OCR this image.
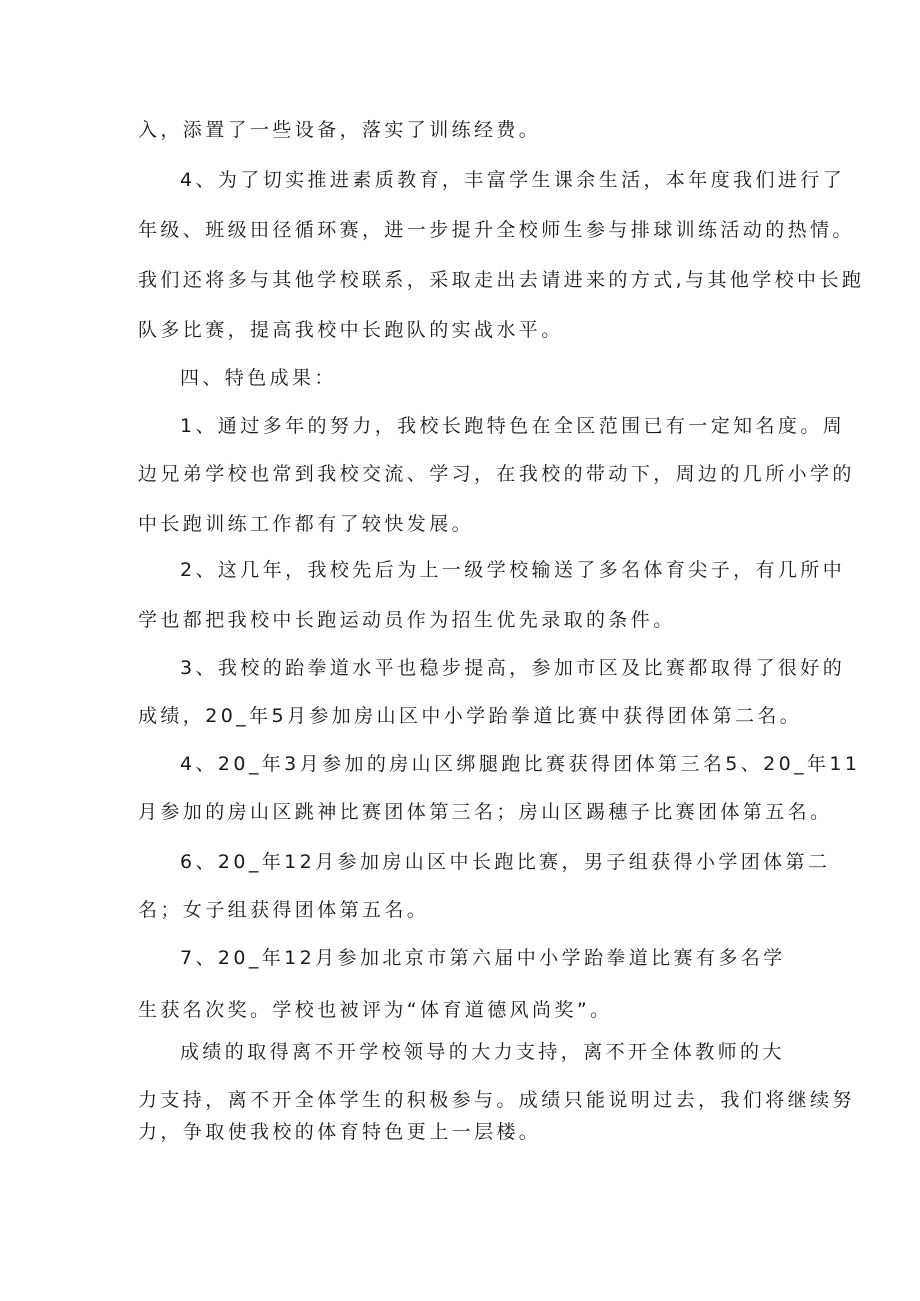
入，添置了一些设备，落实了训练经费。
4、为了切实推进素质教育，丰富学生课余生活，本年度我们进行了
年级、班级田径循环赛，进一步提升全校师生参与排球训练活动的热情。
我们还将多与其他学校联系，采取走出去请进来的方式,与其他学校中长跑
队多比赛，提高我校中长跑队的实战水平。
四、特色成果：
1、通过多年的努力，我校长跑特色在全区范围已有一定知名度。周
边兄弟学校也常到我校交流、学习，在我校的带动下，周边的几所小学的
中长跑训练工作都有了较快发展。
2、这几年，我校先后为上一级学校输送了多名体育尖子，有几所中
学也都把我校中长跑运动员作为招生优先录取的条件。
3、我校的跆拳道水平也稳步提高，参加市区及比赛都取得了很好的
成绩，20_年5月参加房山区中小学跆拳道比赛中获得团体第二名。
4、20_年3月参加的房山区绑腿跑比赛获得团体第三名5、20_年11
月参加的房山区跳神比赛团体第三名；房山区踢穗子比赛团体第五名。
6、20_年12月参加房山区中长跑比赛，男子组获得小学团体第二
名；女子组获得团体第五名。
7、20_年12月参加北京市第六届中小学跆拳道比赛有多名学
生获名次奖。学校也被评为“体育道德风尚奖”。
成绩的取得离不开学校领导的大力支持，离不开全体教师的大
力支持，离不开全体学生的积极参与。成绩只能说明过去，我们将继续努
力，争取使我校的体育特色更上一层楼。
